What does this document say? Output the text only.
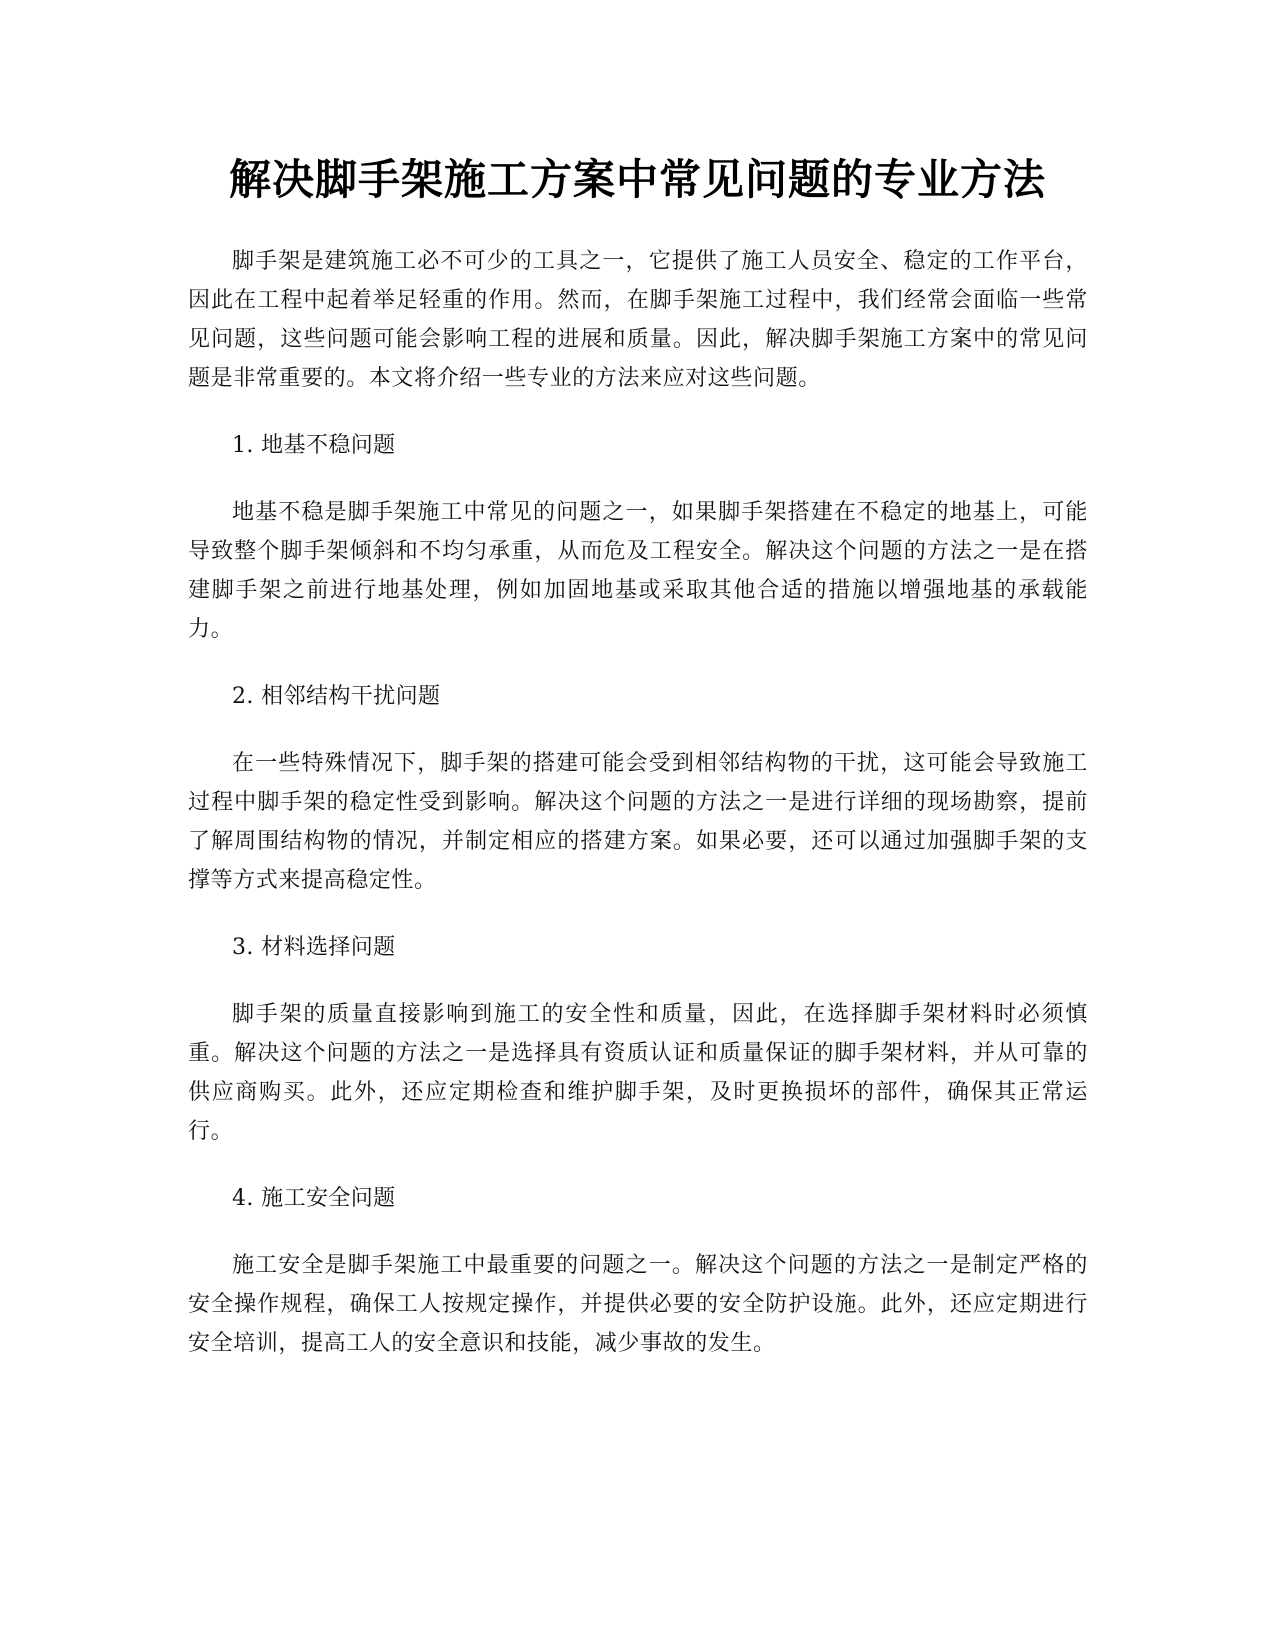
解决脚手架施工方案中常见问题的专业方法

脚手架是建筑施工必不可少的工具之一，它提供了施工人员安全、稳定的工作平台，因此在工程中起着举足轻重的作用。然而，在脚手架施工过程中，我们经常会面临一些常见问题，这些问题可能会影响工程的进展和质量。因此，解决脚手架施工方案中的常见问题是非常重要的。本文将介绍一些专业的方法来应对这些问题。

1. 地基不稳问题

地基不稳是脚手架施工中常见的问题之一，如果脚手架搭建在不稳定的地基上，可能导致整个脚手架倾斜和不均匀承重，从而危及工程安全。解决这个问题的方法之一是在搭建脚手架之前进行地基处理，例如加固地基或采取其他合适的措施以增强地基的承载能力。

2. 相邻结构干扰问题

在一些特殊情况下，脚手架的搭建可能会受到相邻结构物的干扰，这可能会导致施工过程中脚手架的稳定性受到影响。解决这个问题的方法之一是进行详细的现场勘察，提前了解周围结构物的情况，并制定相应的搭建方案。如果必要，还可以通过加强脚手架的支撑等方式来提高稳定性。

3. 材料选择问题

脚手架的质量直接影响到施工的安全性和质量，因此，在选择脚手架材料时必须慎重。解决这个问题的方法之一是选择具有资质认证和质量保证的脚手架材料，并从可靠的供应商购买。此外，还应定期检查和维护脚手架，及时更换损坏的部件，确保其正常运行。

4. 施工安全问题

施工安全是脚手架施工中最重要的问题之一。解决这个问题的方法之一是制定严格的安全操作规程，确保工人按规定操作，并提供必要的安全防护设施。此外，还应定期进行安全培训，提高工人的安全意识和技能，减少事故的发生。
